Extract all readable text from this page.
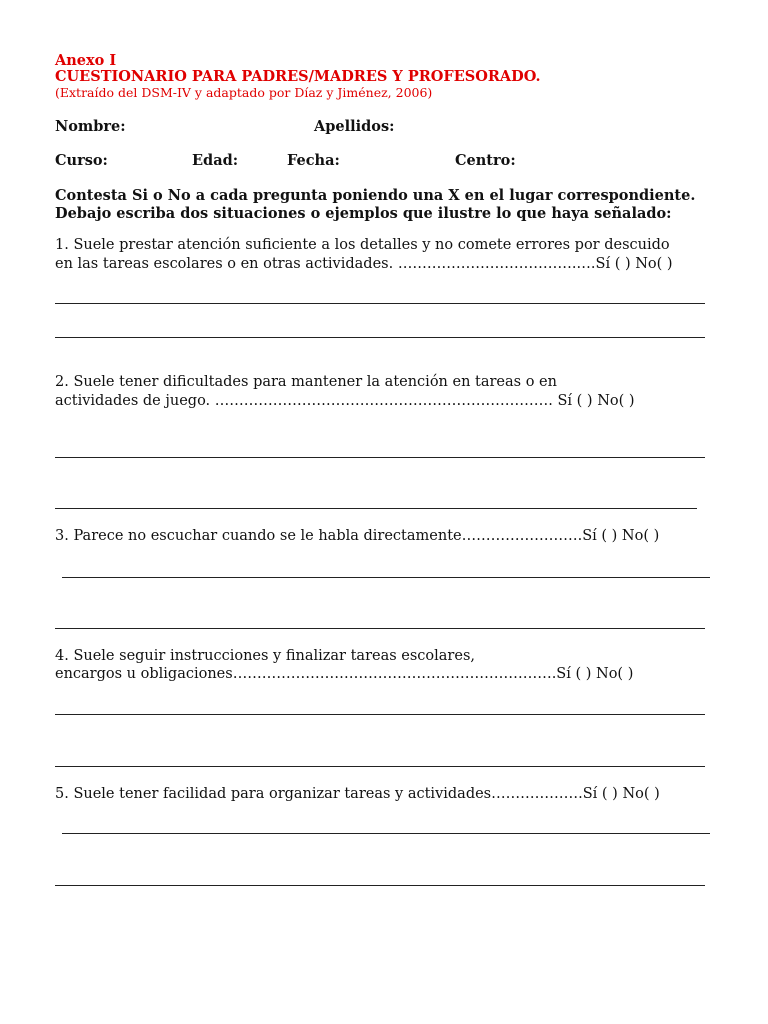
Anexo I
CUESTIONARIO PARA PADRES/MADRES Y PROFESORADO.
(Extraído del DSM-IV y adaptado por Díaz y Jiménez, 2006)
Nombre:	Apellidos:
Curso:	Edad:	Fecha:	Centro:
Contesta Si o No a cada pregunta poniendo una X en el lugar correspondiente.
Debajo escriba dos situaciones o ejemplos que ilustre lo que haya señalado:
1. Suele prestar atención suficiente a los detalles y no comete errores por descuido
en las tareas escolares o en otras actividades. ……………………………….….Sí ( ) No( )
2. Suele tener dificultades para mantener la atención en tareas o en
actividades de juego. ……………………………………………………………. Sí ( ) No( )
3. Parece no escuchar cuando se le habla directamente…………………….Sí ( ) No( )
4. Suele seguir instrucciones y finalizar tareas escolares,
encargos u obligaciones………………………………………………………….Sí ( ) No( )
5. Suele tener facilidad para organizar tareas y actividades……………….Sí ( ) No( )
